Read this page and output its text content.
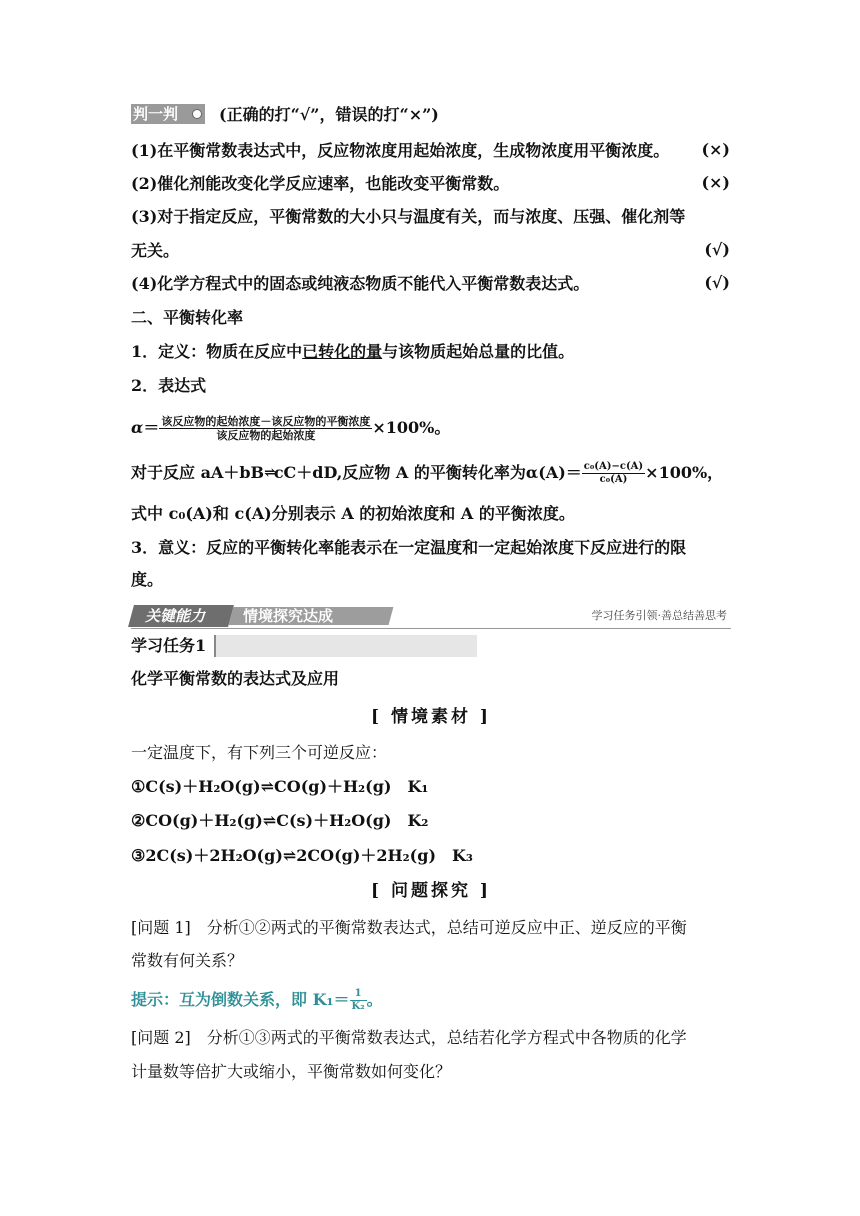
判一判	(正确的打“√”，错误的打“×”)
(1)在平衡常数表达式中，反应物浓度用起始浓度，生成物浓度用平衡浓度。	(×)
(2)催化剂能改变化学反应速率，也能改变平衡常数。	(×)
(3)对于指定反应，平衡常数的大小只与温度有关，而与浓度、压强、催化剂等
无关。	(√)
(4)化学方程式中的固态或纯液态物质不能代入平衡常数表达式。	(√)
二、平衡转化率
1．定义：物质在反应中已转化的量与该物质起始总量的比值。
2．表达式
$\alpha = \frac{\text{该反应物的起始浓度－该反应物的平衡浓度}}{\text{该反应物的起始浓度}} \times 100\%$。
对于反应 aA＋bB ⇌ cC＋dD,反应物 A 的平衡转化率为$\alpha(A)= \frac{\text{c₀(A)−c(A)}}{\text{c₀(A)}} \times 100\%$，
式中 c₀(A)和 c(A)分别表示 A 的初始浓度和 A 的平衡浓度。
3．意义：反应的平衡转化率能表示在一定温度和一定起始浓度下反应进行的限
度。
关键能力	情境探究达成	学习任务引领·善总结善思考
学习任务1
化学平衡常数的表达式及应用
[ 情境素材 ]
一定温度下，有下列三个可逆反应：
①C(s)＋H₂O(g)⇌CO(g)＋H₂(g)　K₁
②CO(g)＋H₂(g)⇌C(s)＋H₂O(g)　K₂
③2C(s)＋2H₂O(g)⇌2CO(g)＋2H₂(g)　K₃
[ 问题探究 ]
[问题 1]　分析①②两式的平衡常数表达式，总结可逆反应中正、逆反应的平衡
常数有何关系？
提示： 互为倒数关系，即 $K_1= \frac{1}{\text{K₂}}$ 。
[问题 2]　分析①③两式的平衡常数表达式，总结若化学方程式中各物质的化学
计量数等倍扩大或缩小，平衡常数如何变化？
